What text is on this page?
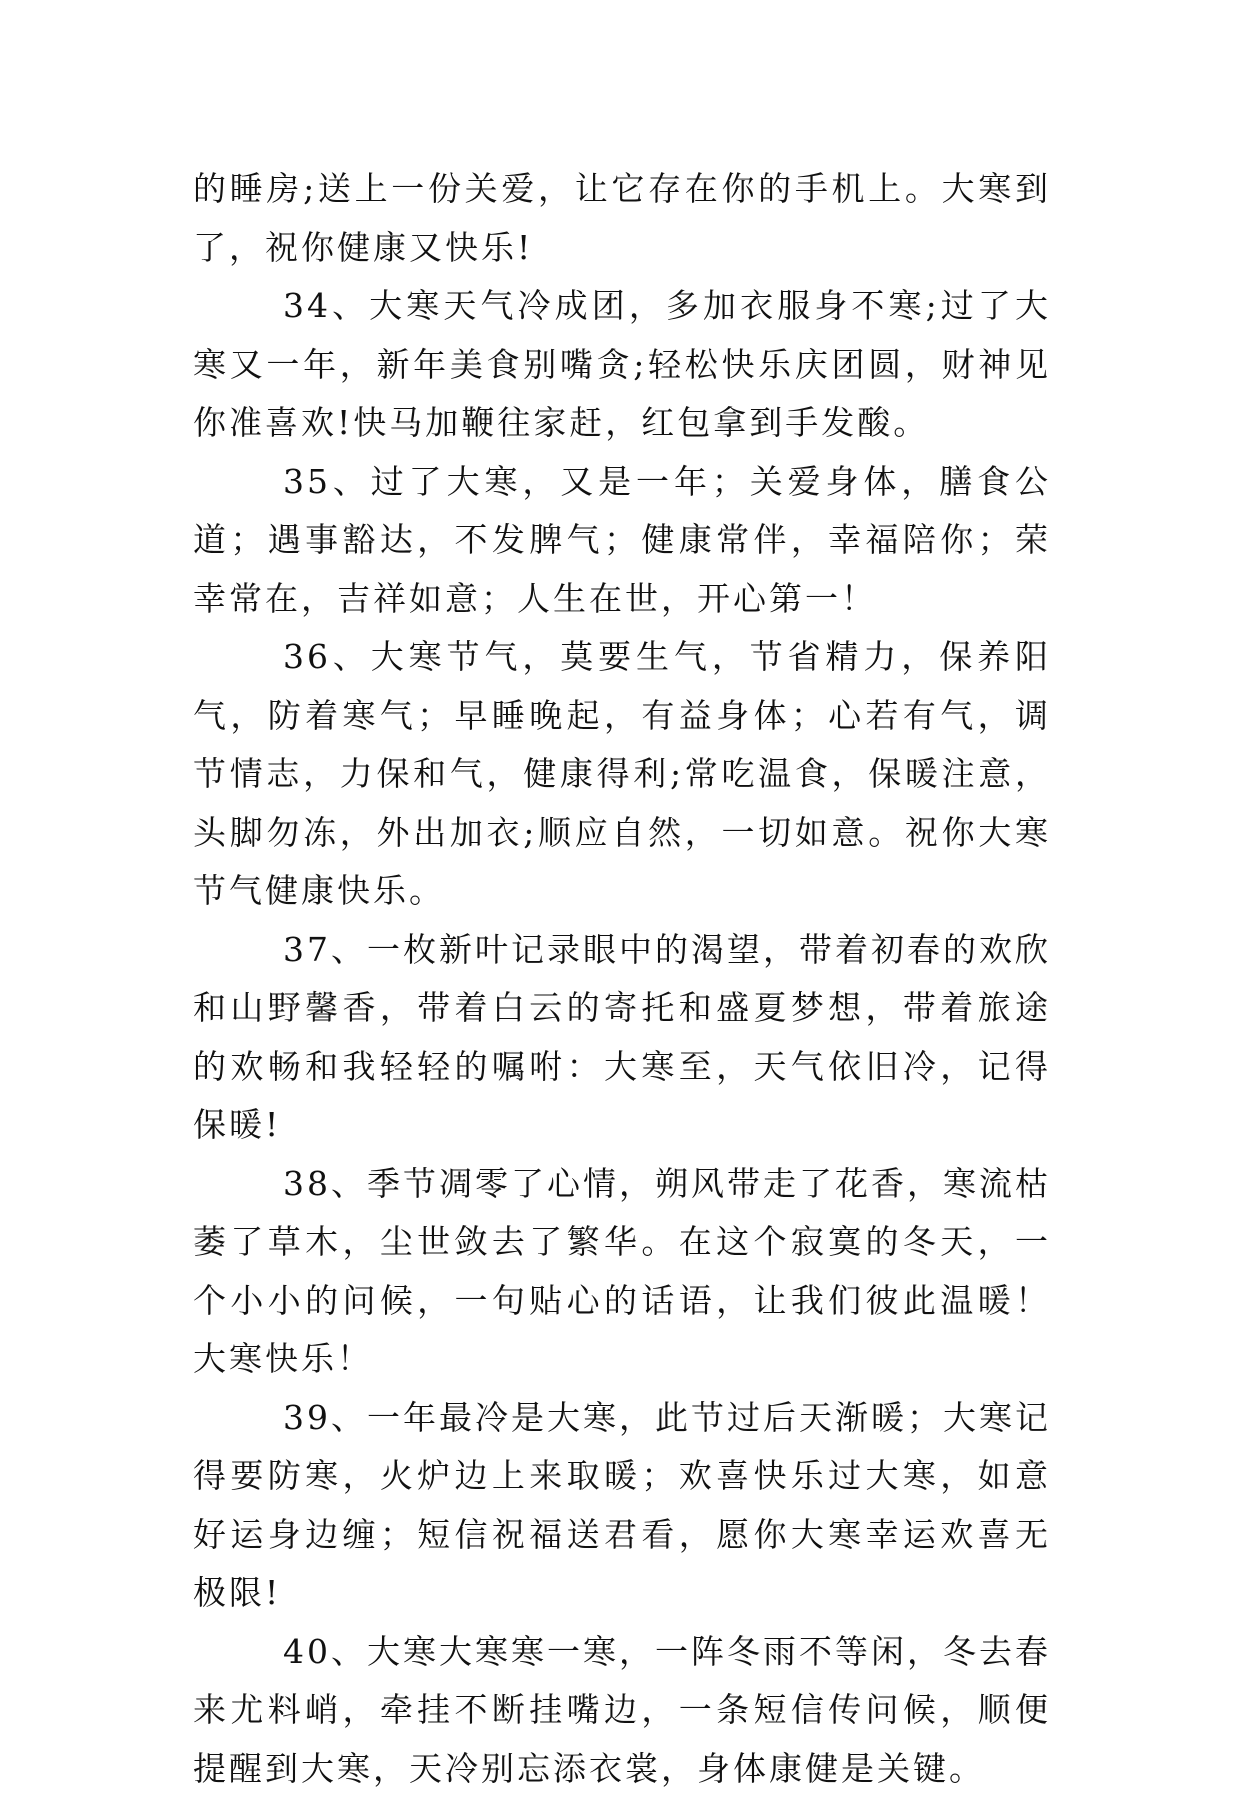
的睡房;送上一份关爱，让它存在你的手机上。大寒到了，祝你健康又快乐!

34、大寒天气冷成团，多加衣服身不寒;过了大寒又一年，新年美食别嘴贪;轻松快乐庆团圆，财神见你准喜欢!快马加鞭往家赶，红包拿到手发酸。

35、过了大寒，又是一年；关爱身体，膳食公道；遇事豁达，不发脾气；健康常伴，幸福陪你；荣幸常在，吉祥如意；人生在世，开心第一！

36、大寒节气，莫要生气，节省精力，保养阳气，防着寒气；早睡晚起，有益身体；心若有气，调节情志，力保和气，健康得利;常吃温食，保暖注意，头脚勿冻，外出加衣;顺应自然，一切如意。祝你大寒节气健康快乐。

37、一枚新叶记录眼中的渴望，带着初春的欢欣和山野馨香，带着白云的寄托和盛夏梦想，带着旅途的欢畅和我轻轻的嘱咐：大寒至，天气依旧冷，记得保暖!

38、季节凋零了心情，朔风带走了花香，寒流枯萎了草木，尘世敛去了繁华。在这个寂寞的冬天，一个小小的问候，一句贴心的话语，让我们彼此温暖！大寒快乐！

39、一年最冷是大寒，此节过后天渐暖；大寒记得要防寒，火炉边上来取暖；欢喜快乐过大寒，如意好运身边缠；短信祝福送君看，愿你大寒幸运欢喜无极限!

40、大寒大寒寒一寒，一阵冬雨不等闲，冬去春来尤料峭，牵挂不断挂嘴边，一条短信传问候，顺便提醒到大寒，天冷别忘添衣裳，身体康健是关键。
